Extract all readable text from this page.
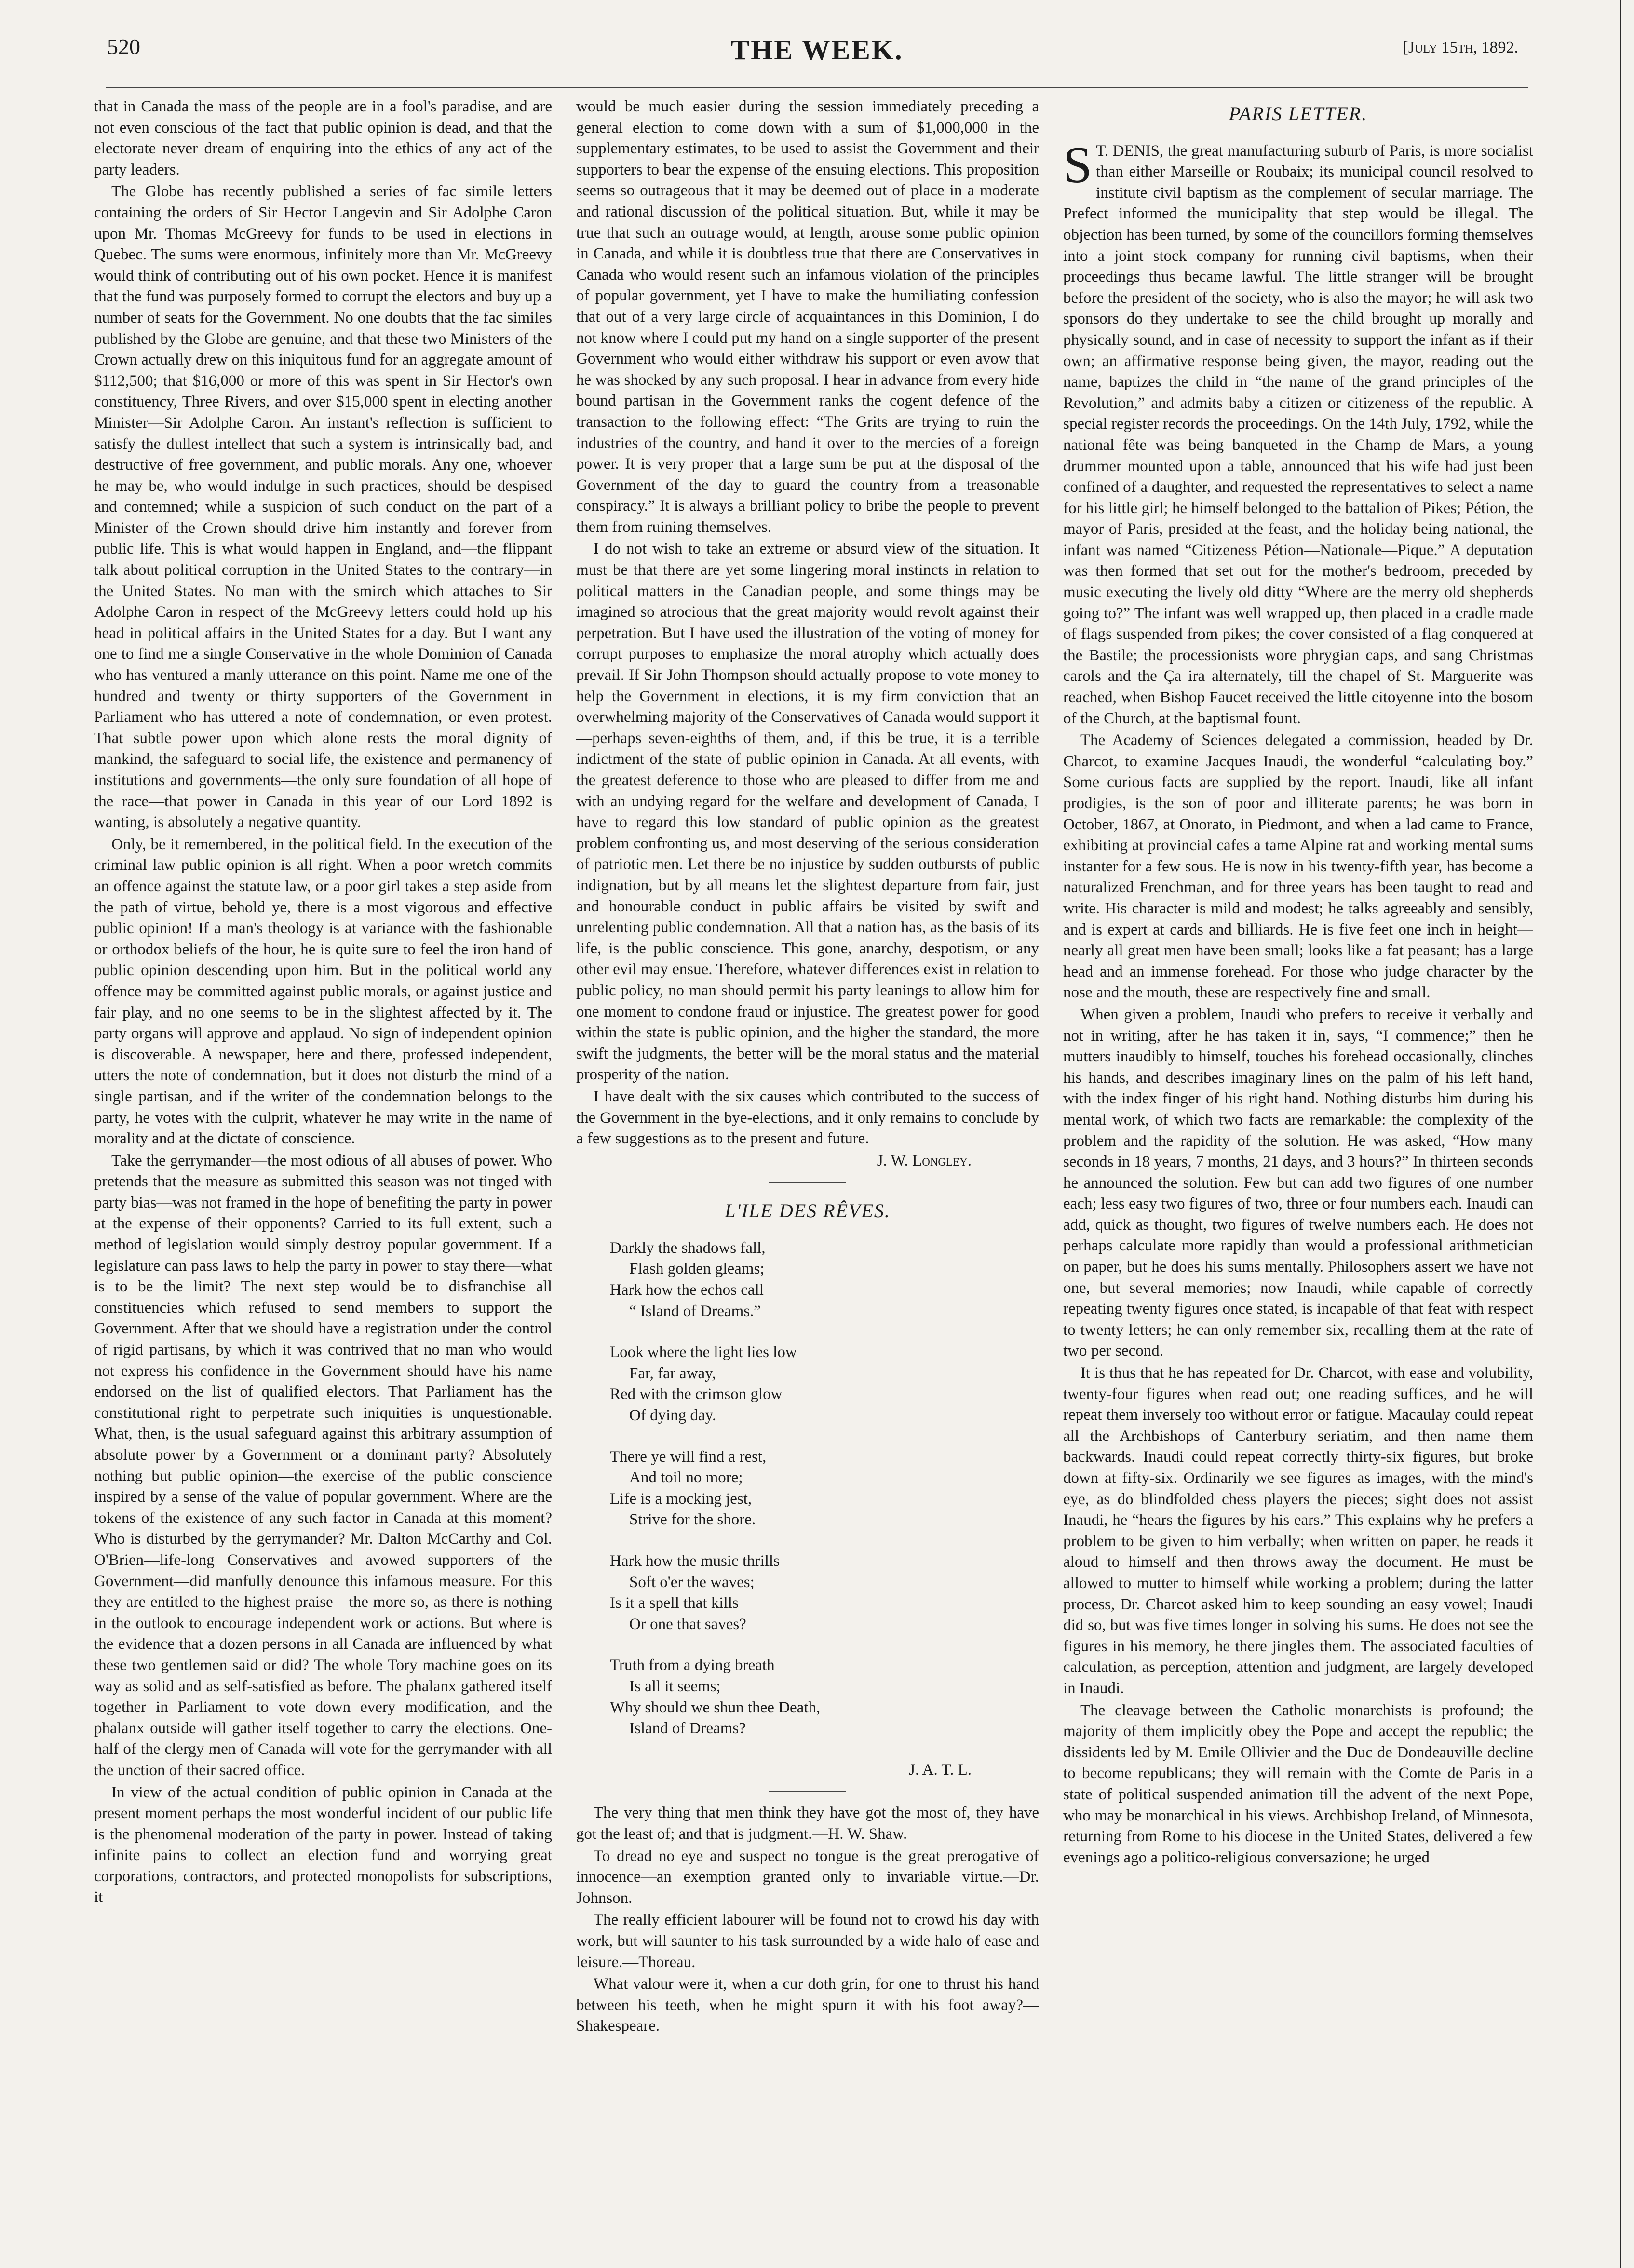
520	THE WEEK.	[July 15th, 1892.

that in Canada the mass of the people are in a fool's paradise, and are not even conscious of the fact that public opinion is dead, and that the electorate never dream of enquiring into the ethics of any act of the party leaders.

The Globe has recently published a series of fac simile letters containing the orders of Sir Hector Langevin and Sir Adolphe Caron upon Mr. Thomas McGreevy for funds to be used in elections in Quebec. The sums were enormous, infinitely more than Mr. McGreevy would think of contributing out of his own pocket. Hence it is manifest that the fund was purposely formed to corrupt the electors and buy up a number of seats for the Government. No one doubts that the fac similes published by the Globe are genuine, and that these two Ministers of the Crown actually drew on this iniquitous fund for an aggregate amount of $112,500; that $16,000 or more of this was spent in Sir Hector's own constituency, Three Rivers, and over $15,000 spent in electing another Minister—Sir Adolphe Caron. An instant's reflection is sufficient to satisfy the dullest intellect that such a system is intrinsically bad, and destructive of free government, and public morals. Any one, whoever he may be, who would indulge in such practices, should be despised and contemned; while a suspicion of such conduct on the part of a Minister of the Crown should drive him instantly and forever from public life. This is what would happen in England, and—the flippant talk about political corruption in the United States to the contrary—in the United States. No man with the smirch which attaches to Sir Adolphe Caron in respect of the McGreevy letters could hold up his head in political affairs in the United States for a day. But I want any one to find me a single Conservative in the whole Dominion of Canada who has ventured a manly utterance on this point. Name me one of the hundred and twenty or thirty supporters of the Government in Parliament who has uttered a note of condemnation, or even protest. That subtle power upon which alone rests the moral dignity of mankind, the safeguard to social life, the existence and permanency of institutions and governments—the only sure foundation of all hope of the race—that power in Canada in this year of our Lord 1892 is wanting, is absolutely a negative quantity.

Only, be it remembered, in the political field. In the execution of the criminal law public opinion is all right. When a poor wretch commits an offence against the statute law, or a poor girl takes a step aside from the path of virtue, behold ye, there is a most vigorous and effective public opinion! If a man's theology is at variance with the fashionable or orthodox beliefs of the hour, he is quite sure to feel the iron hand of public opinion descending upon him. But in the political world any offence may be committed against public morals, or against justice and fair play, and no one seems to be in the slightest affected by it. The party organs will approve and applaud. No sign of independent opinion is discoverable. A newspaper, here and there, professed independent, utters the note of condemnation, but it does not disturb the mind of a single partisan, and if the writer of the condemnation belongs to the party, he votes with the culprit, whatever he may write in the name of morality and at the dictate of conscience.

Take the gerrymander—the most odious of all abuses of power. Who pretends that the measure as submitted this season was not tinged with party bias—was not framed in the hope of benefiting the party in power at the expense of their opponents? Carried to its full extent, such a method of legislation would simply destroy popular government. If a legislature can pass laws to help the party in power to stay there—what is to be the limit? The next step would be to disfranchise all constituencies which refused to send members to support the Government. After that we should have a registration under the control of rigid partisans, by which it was contrived that no man who would not express his confidence in the Government should have his name endorsed on the list of qualified electors. That Parliament has the constitutional right to perpetrate such iniquities is unquestionable. What, then, is the usual safeguard against this arbitrary assumption of absolute power by a Government or a dominant party? Absolutely nothing but public opinion—the exercise of the public conscience inspired by a sense of the value of popular government. Where are the tokens of the existence of any such factor in Canada at this moment? Who is disturbed by the gerrymander? Mr. Dalton McCarthy and Col. O'Brien—life-long Conservatives and avowed supporters of the Government—did manfully denounce this infamous measure. For this they are entitled to the highest praise—the more so, as there is nothing in the outlook to encourage independent work or actions. But where is the evidence that a dozen persons in all Canada are influenced by what these two gentlemen said or did? The whole Tory machine goes on its way as solid and as self-satisfied as before. The phalanx gathered itself together in Parliament to vote down every modification, and the phalanx outside will gather itself together to carry the elections. One-half of the clergy men of Canada will vote for the gerrymander with all the unction of their sacred office.

In view of the actual condition of public opinion in Canada at the present moment perhaps the most wonderful incident of our public life is the phenomenal moderation of the party in power. Instead of taking infinite pains to collect an election fund and worrying great corporations, contractors, and protected monopolists for subscriptions, it

would be much easier during the session immediately preceding a general election to come down with a sum of $1,000,000 in the supplementary estimates, to be used to assist the Government and their supporters to bear the expense of the ensuing elections. This proposition seems so outrageous that it may be deemed out of place in a moderate and rational discussion of the political situation. But, while it may be true that such an outrage would, at length, arouse some public opinion in Canada, and while it is doubtless true that there are Conservatives in Canada who would resent such an infamous violation of the principles of popular government, yet I have to make the humiliating confession that out of a very large circle of acquaintances in this Dominion, I do not know where I could put my hand on a single supporter of the present Government who would either withdraw his support or even avow that he was shocked by any such proposal. I hear in advance from every hide bound partisan in the Government ranks the cogent defence of the transaction to the following effect: “The Grits are trying to ruin the industries of the country, and hand it over to the mercies of a foreign power. It is very proper that a large sum be put at the disposal of the Government of the day to guard the country from a treasonable conspiracy.” It is always a brilliant policy to bribe the people to prevent them from ruining themselves.

I do not wish to take an extreme or absurd view of the situation. It must be that there are yet some lingering moral instincts in relation to political matters in the Canadian people, and some things may be imagined so atrocious that the great majority would revolt against their perpetration. But I have used the illustration of the voting of money for corrupt purposes to emphasize the moral atrophy which actually does prevail. If Sir John Thompson should actually propose to vote money to help the Government in elections, it is my firm conviction that an overwhelming majority of the Conservatives of Canada would support it—perhaps seven-eighths of them, and, if this be true, it is a terrible indictment of the state of public opinion in Canada. At all events, with the greatest deference to those who are pleased to differ from me and with an undying regard for the welfare and development of Canada, I have to regard this low standard of public opinion as the greatest problem confronting us, and most deserving of the serious consideration of patriotic men. Let there be no injustice by sudden outbursts of public indignation, but by all means let the slightest departure from fair, just and honourable conduct in public affairs be visited by swift and unrelenting public condemnation. All that a nation has, as the basis of its life, is the public conscience. This gone, anarchy, despotism, or any other evil may ensue. Therefore, whatever differences exist in relation to public policy, no man should permit his party leanings to allow him for one moment to condone fraud or injustice. The greatest power for good within the state is public opinion, and the higher the standard, the more swift the judgments, the better will be the moral status and the material prosperity of the nation.

I have dealt with the six causes which contributed to the success of the Government in the bye-elections, and it only remains to conclude by a few suggestions as to the present and future.

J. W. Longley.
L'ILE DES RÊVES.
Darkly the shadows fall,
Flash golden gleams;
Hark how the echos call
“ Island of Dreams.”
Look where the light lies low
Far, far away,
Red with the crimson glow
Of dying day.
There ye will find a rest,
And toil no more;
Life is a mocking jest,
Strive for the shore.
Hark how the music thrills
Soft o'er the waves;
Is it a spell that kills
Or one that saves?
Truth from a dying breath
Is all it seems;
Why should we shun thee Death,
Island of Dreams?
J. A. T. L.

The very thing that men think they have got the most of, they have got the least of; and that is judgment.—H. W. Shaw.

To dread no eye and suspect no tongue is the great prerogative of innocence—an exemption granted only to invariable virtue.—Dr. Johnson.

The really efficient labourer will be found not to crowd his day with work, but will saunter to his task surrounded by a wide halo of ease and leisure.—Thoreau.

What valour were it, when a cur doth grin, for one to thrust his hand between his teeth, when he might spurn it with his foot away?—Shakespeare.

PARIS LETTER.

S T. DENIS, the great manufacturing suburb of Paris, is more socialist than either Marseille or Roubaix; its municipal council resolved to institute civil baptism as the complement of secular marriage. The Prefect informed the municipality that step would be illegal. The objection has been turned, by some of the councillors forming themselves into a joint stock company for running civil baptisms, when their proceedings thus became lawful. The little stranger will be brought before the president of the society, who is also the mayor; he will ask two sponsors do they undertake to see the child brought up morally and physically sound, and in case of necessity to support the infant as if their own; an affirmative response being given, the mayor, reading out the name, baptizes the child in “the name of the grand principles of the Revolution,” and admits baby a citizen or citizeness of the republic. A special register records the proceedings. On the 14th July, 1792, while the national fête was being banqueted in the Champ de Mars, a young drummer mounted upon a table, announced that his wife had just been confined of a daughter, and requested the representatives to select a name for his little girl; he himself belonged to the battalion of Pikes; Pétion, the mayor of Paris, presided at the feast, and the holiday being national, the infant was named “Citizeness Pétion—Nationale—Pique.” A deputation was then formed that set out for the mother's bedroom, preceded by music executing the lively old ditty “Where are the merry old shepherds going to?” The infant was well wrapped up, then placed in a cradle made of flags suspended from pikes; the cover consisted of a flag conquered at the Bastile; the processionists wore phrygian caps, and sang Christmas carols and the Ça ira alternately, till the chapel of St. Marguerite was reached, when Bishop Faucet received the little citoyenne into the bosom of the Church, at the baptismal fount.

The Academy of Sciences delegated a commission, headed by Dr. Charcot, to examine Jacques Inaudi, the wonderful “calculating boy.” Some curious facts are supplied by the report. Inaudi, like all infant prodigies, is the son of poor and illiterate parents; he was born in October, 1867, at Onorato, in Piedmont, and when a lad came to France, exhibiting at provincial cafes a tame Alpine rat and working mental sums instanter for a few sous. He is now in his twenty-fifth year, has become a naturalized Frenchman, and for three years has been taught to read and write. His character is mild and modest; he talks agreeably and sensibly, and is expert at cards and billiards. He is five feet one inch in height—nearly all great men have been small; looks like a fat peasant; has a large head and an immense forehead. For those who judge character by the nose and the mouth, these are respectively fine and small.

When given a problem, Inaudi who prefers to receive it verbally and not in writing, after he has taken it in, says, “I commence;” then he mutters inaudibly to himself, touches his forehead occasionally, clinches his hands, and describes imaginary lines on the palm of his left hand, with the index finger of his right hand. Nothing disturbs him during his mental work, of which two facts are remarkable: the complexity of the problem and the rapidity of the solution. He was asked, “How many seconds in 18 years, 7 months, 21 days, and 3 hours?” In thirteen seconds he announced the solution. Few but can add two figures of one number each; less easy two figures of two, three or four numbers each. Inaudi can add, quick as thought, two figures of twelve numbers each. He does not perhaps calculate more rapidly than would a professional arithmetician on paper, but he does his sums mentally. Philosophers assert we have not one, but several memories; now Inaudi, while capable of correctly repeating twenty figures once stated, is incapable of that feat with respect to twenty letters; he can only remember six, recalling them at the rate of two per second.

It is thus that he has repeated for Dr. Charcot, with ease and volubility, twenty-four figures when read out; one reading suffices, and he will repeat them inversely too without error or fatigue. Macaulay could repeat all the Archbishops of Canterbury seriatim, and then name them backwards. Inaudi could repeat correctly thirty-six figures, but broke down at fifty-six. Ordinarily we see figures as images, with the mind's eye, as do blindfolded chess players the pieces; sight does not assist Inaudi, he “hears the figures by his ears.” This explains why he prefers a problem to be given to him verbally; when written on paper, he reads it aloud to himself and then throws away the document. He must be allowed to mutter to himself while working a problem; during the latter process, Dr. Charcot asked him to keep sounding an easy vowel; Inaudi did so, but was five times longer in solving his sums. He does not see the figures in his memory, he there jingles them. The associated faculties of calculation, as perception, attention and judgment, are largely developed in Inaudi.

The cleavage between the Catholic monarchists is profound; the majority of them implicitly obey the Pope and accept the republic; the dissidents led by M. Emile Ollivier and the Duc de Dondeauville decline to become republicans; they will remain with the Comte de Paris in a state of political suspended animation till the advent of the next Pope, who may be monarchical in his views. Archbishop Ireland, of Minnesota, returning from Rome to his diocese in the United States, delivered a few evenings ago a politico-religious conversazione; he urged
